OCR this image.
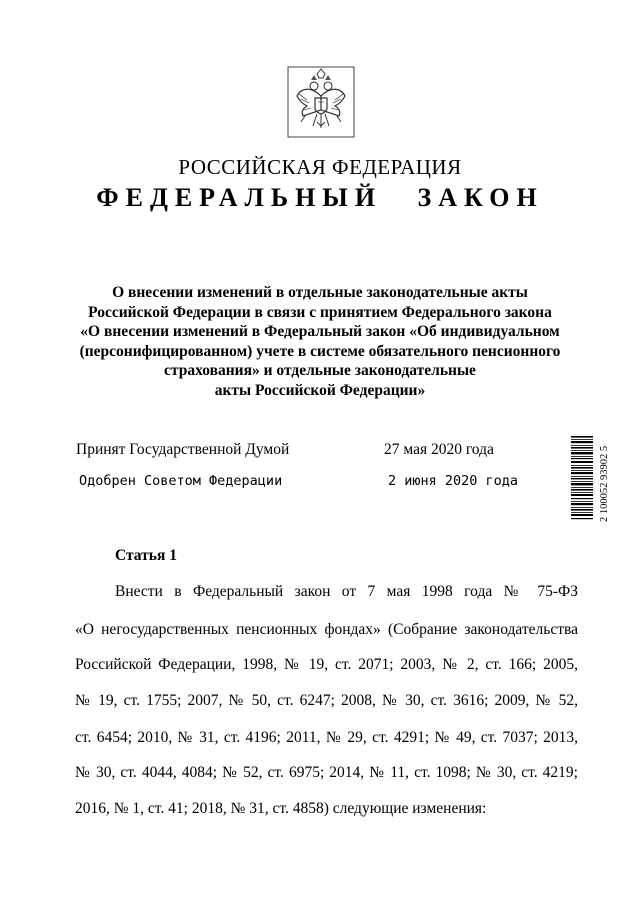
РОССИЙСКАЯ ФЕДЕРАЦИЯ
ФЕДЕРАЛЬНЫЙ ЗАКОН
О внесении изменений в отдельные законодательные акты
Российской Федерации в связи с принятием Федерального закона
«О внесении изменений в Федеральный закон «Об индивидуальном
(персонифицированном) учете в системе обязательного пенсионного
страхования» и отдельные законодательные
акты Российской Федерации»
Принят Государственной Думой	27 мая 2020 года
Одобрен Советом Федерации	2 июня 2020 года	2 100052 93902 5
Статья 1
Внести в Федеральный закон от 7 мая 1998 года № 75-ФЗ
«О негосударственных пенсионных фондах» (Собрание законодательства
Российской Федерации, 1998, № 19, ст. 2071; 2003, № 2, ст. 166; 2005,
№ 19, ст. 1755; 2007, № 50, ст. 6247; 2008, № 30, ст. 3616; 2009, № 52,
ст. 6454; 2010, № 31, ст. 4196; 2011, № 29, ст. 4291; № 49, ст. 7037; 2013,
№ 30, ст. 4044, 4084; № 52, ст. 6975; 2014, № 11, ст. 1098; № 30, ст. 4219;
2016, № 1, ст. 41; 2018, № 31, ст. 4858) следующие изменения:
